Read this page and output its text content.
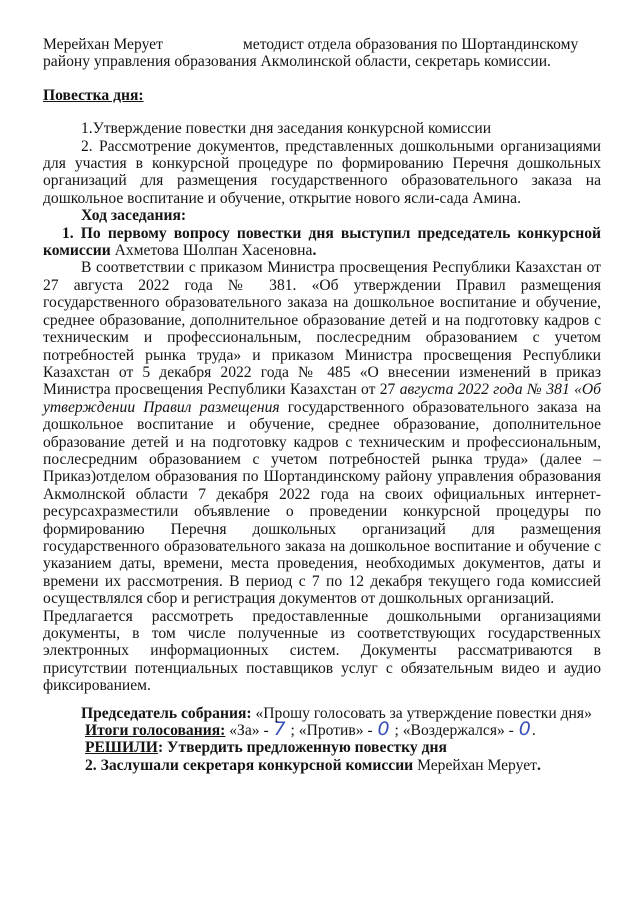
Мерейхан Мерует	методист отдела образования по Шортандинскому
району управления образования Акмолинской области, секретарь комиссии.

Повестка дня:

1.Утверждение повестки дня заседания конкурсной комиссии

2. Рассмотрение документов, представленных дошкольными организациями для участия в конкурсной процедуре по формированию Перечня дошкольных организаций для размещения государственного образовательного заказа на дошкольное воспитание и обучение, открытие нового ясли-сада Амина.

Ход заседания:

1. По первому вопросу повестки дня выступил председатель конкурсной комиссии Ахметова Шолпан Хасеновна.

В соответствии с приказом Министра просвещения Республики Казахстан от 27 августа 2022 года № 381. «Об утверждении Правил размещения государственного образовательного заказа на дошкольное воспитание и обучение, среднее образование, дополнительное образование детей и на подготовку кадров с техническим и профессиональным, послесредним образованием с учетом потребностей рынка труда» и приказом Министра просвещения Республики Казахстан от 5 декабря 2022 года № 485 «О внесении изменений в приказ Министра просвещения Республики Казахстан от 27 августа 2022 года № 381 «Об утверждении Правил размещения государственного образовательного заказа на дошкольное воспитание и обучение, среднее образование, дополнительное образование детей и на подготовку кадров с техническим и профессиональным, послесредним образованием с учетом потребностей рынка труда» (далее – Приказ)отделом образования по Шортандинскому району управления образования Акмолнской области 7 декабря 2022 года на своих официальных интернет-ресурсахразместили объявление о проведении конкурсной процедуры по формированию Перечня дошкольных организаций для размещения государственного образовательного заказа на дошкольное воспитание и обучение с указанием даты, времени, места проведения, необходимых документов, даты и времени их рассмотрения. В период с 7 по 12 декабря текущего года комиссией осуществлялся сбор и регистрация документов от дошкольных организаций.

Предлагается рассмотреть предоставленные дошкольными организациями документы, в том числе полученные из соответствующих государственных электронных информационных систем. Документы рассматриваются в присутствии потенциальных поставщиков услуг с обязательным видео и аудио фиксированием.

Председатель собрания: «Прошу голосовать за утверждение повестки дня»

Итоги голосования: «За» - 7 ; «Против» - 0 ; «Воздержался» - 0.

РЕШИЛИ: Утвердить предложенную повестку дня

2. Заслушали секретаря конкурсной комиссии Мерейхан Мерует.
